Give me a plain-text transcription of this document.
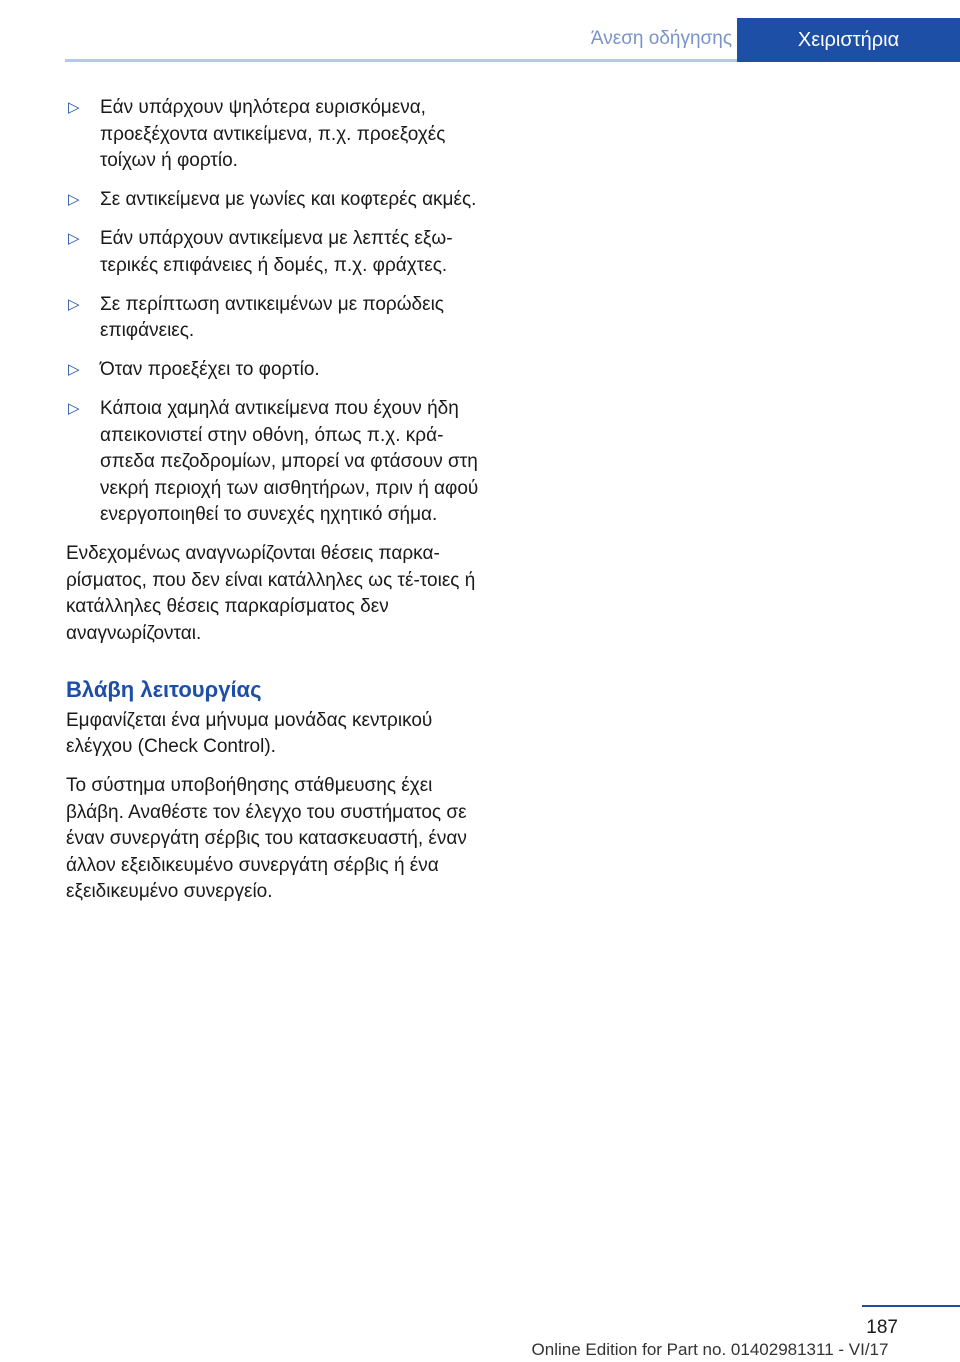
Άνεση οδήγησης	Χειριστήρια
▷ Εάν υπάρχουν ψηλότερα ευρισκόμενα, προεξέχοντα αντικείμενα, π.χ. προεξοχές τοίχων ή φορτίο.
▷ Σε αντικείμενα με γωνίες και κοφτερές ακμές.
▷ Εάν υπάρχουν αντικείμενα με λεπτές εξω-τερικές επιφάνειες ή δομές, π.χ. φράχτες.
▷ Σε περίπτωση αντικειμένων με πορώδεις επιφάνειες.
▷ Όταν προεξέχει το φορτίο.
▷ Κάποια χαμηλά αντικείμενα που έχουν ήδη απεικονιστεί στην οθόνη, όπως π.χ. κρά-σπεδα πεζοδρομίων, μπορεί να φτάσουν στη νεκρή περιοχή των αισθητήρων, πριν ή αφού ενεργοποιηθεί το συνεχές ηχητικό σήμα.

Ενδεχομένως αναγνωρίζονται θέσεις παρκα-ρίσματος, που δεν είναι κατάλληλες ως τέ-τοιες ή κατάλληλες θέσεις παρκαρίσματος δεν αναγνωρίζονται.

Βλάβη λειτουργίας

Εμφανίζεται ένα μήνυμα μονάδας κεντρικού ελέγχου (Check Control).

Το σύστημα υποβοήθησης στάθμευσης έχει βλάβη. Αναθέστε τον έλεγχο του συστήματος σε έναν συνεργάτη σέρβις του κατασκευαστή, έναν άλλον εξειδικευμένο συνεργάτη σέρβις ή ένα εξειδικευμένο συνεργείο.

187
Online Edition for Part no. 01402981311 - VI/17
